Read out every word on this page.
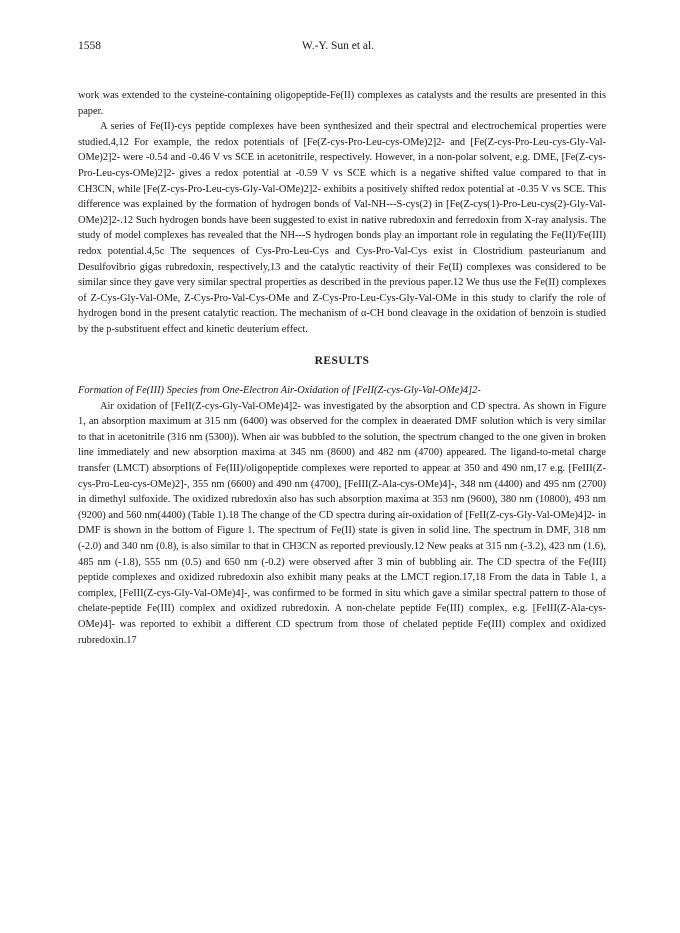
1558	W.-Y. Sun et al.

work was extended to the cysteine-containing oligopeptide-Fe(II) complexes as catalysts and the results are presented in this paper.

A series of Fe(II)-cys peptide complexes have been synthesized and their spectral and electrochemical properties were studied.4,12 For example, the redox potentials of [Fe(Z-cys-Pro-Leu-cys-OMe)2]2- and [Fe(Z-cys-Pro-Leu-cys-Gly-Val-OMe)2]2- were -0.54 and -0.46 V vs SCE in acetonitrile, respectively. However, in a non-polar solvent, e.g. DME, [Fe(Z-cys-Pro-Leu-cys-OMe)2]2- gives a redox potential at -0.59 V vs SCE which is a negative shifted value compared to that in CH3CN, while [Fe(Z-cys-Pro-Leu-cys-Gly-Val-OMe)2]2- exhibits a positively shifted redox potential at -0.35 V vs SCE. This difference was explained by the formation of hydrogen bonds of Val-NH---S-cys(2) in [Fe(Z-cys(1)-Pro-Leu-cys(2)-Gly-Val-OMe)2]2-.12 Such hydrogen bonds have been suggested to exist in native rubredoxin and ferredoxin from X-ray analysis. The study of model complexes has revealed that the NH---S hydrogen bonds play an important role in regulating the Fe(II)/Fe(III) redox potential.4,5c The sequences of Cys-Pro-Leu-Cys and Cys-Pro-Val-Cys exist in Clostridium pasteurianum and Desulfovibrio gigas rubredoxin, respectively,13 and the catalytic reactivity of their Fe(II) complexes was considered to be similar since they gave very similar spectral properties as described in the previous paper.12 We thus use the Fe(II) complexes of Z-Cys-Gly-Val-OMe, Z-Cys-Pro-Val-Cys-OMe and Z-Cys-Pro-Leu-Cys-Gly-Val-OMe in this study to clarify the role of hydrogen bond in the present catalytic reaction. The mechanism of α-CH bond cleavage in the oxidation of benzoin is studied by the p-substituent effect and kinetic deuterium effect.

RESULTS

Formation of Fe(III) Species from One-Electron Air-Oxidation of [FeII(Z-cys-Gly-Val-OMe)4]2-

Air oxidation of [FeII(Z-cys-Gly-Val-OMe)4]2- was investigated by the absorption and CD spectra. As shown in Figure 1, an absorption maximum at 315 nm (6400) was observed for the complex in deaerated DMF solution which is very similar to that in acetonitrile (316 nm (5300)). When air was bubbled to the solution, the spectrum changed to the one given in broken line immediately and new absorption maxima at 345 nm (8600) and 482 nm (4700) appeared. The ligand-to-metal charge transfer (LMCT) absorptions of Fe(III)/oligopeptide complexes were reported to appear at 350 and 490 nm,17 e.g. [FeIII(Z-cys-Pro-Leu-cys-OMe)2]-, 355 nm (6600) and 490 nm (4700), [FeIII(Z-Ala-cys-OMe)4]-, 348 nm (4400) and 495 nm (2700) in dimethyl sulfoxide. The oxidized rubredoxin also has such absorption maxima at 353 nm (9600), 380 nm (10800), 493 nm (9200) and 560 nm(4400) (Table 1).18 The change of the CD spectra during air-oxidation of [FeII(Z-cys-Gly-Val-OMe)4]2- in DMF is shown in the bottom of Figure 1. The spectrum of Fe(II) state is given in solid line. The spectrum in DMF, 318 nm (-2.0) and 340 nm (0.8), is also similar to that in CH3CN as reported previously.12 New peaks at 315 nm (-3.2), 423 nm (1.6), 485 nm (-1.8), 555 nm (0.5) and 650 nm (-0.2) were observed after 3 min of bubbling air. The CD spectra of the Fe(III) peptide complexes and oxidized rubredoxin also exhibit many peaks at the LMCT region.17,18 From the data in Table 1, a complex, [FeIII(Z-cys-Gly-Val-OMe)4]-, was confirmed to be formed in situ which gave a similar spectral pattern to those of chelate-peptide Fe(III) complex and oxidized rubredoxin. A non-chelate peptide Fe(III) complex, e.g. [FeIII(Z-Ala-cys-OMe)4]- was reported to exhibit a different CD spectrum from those of chelated peptide Fe(III) complex and oxidized rubredoxin.17
